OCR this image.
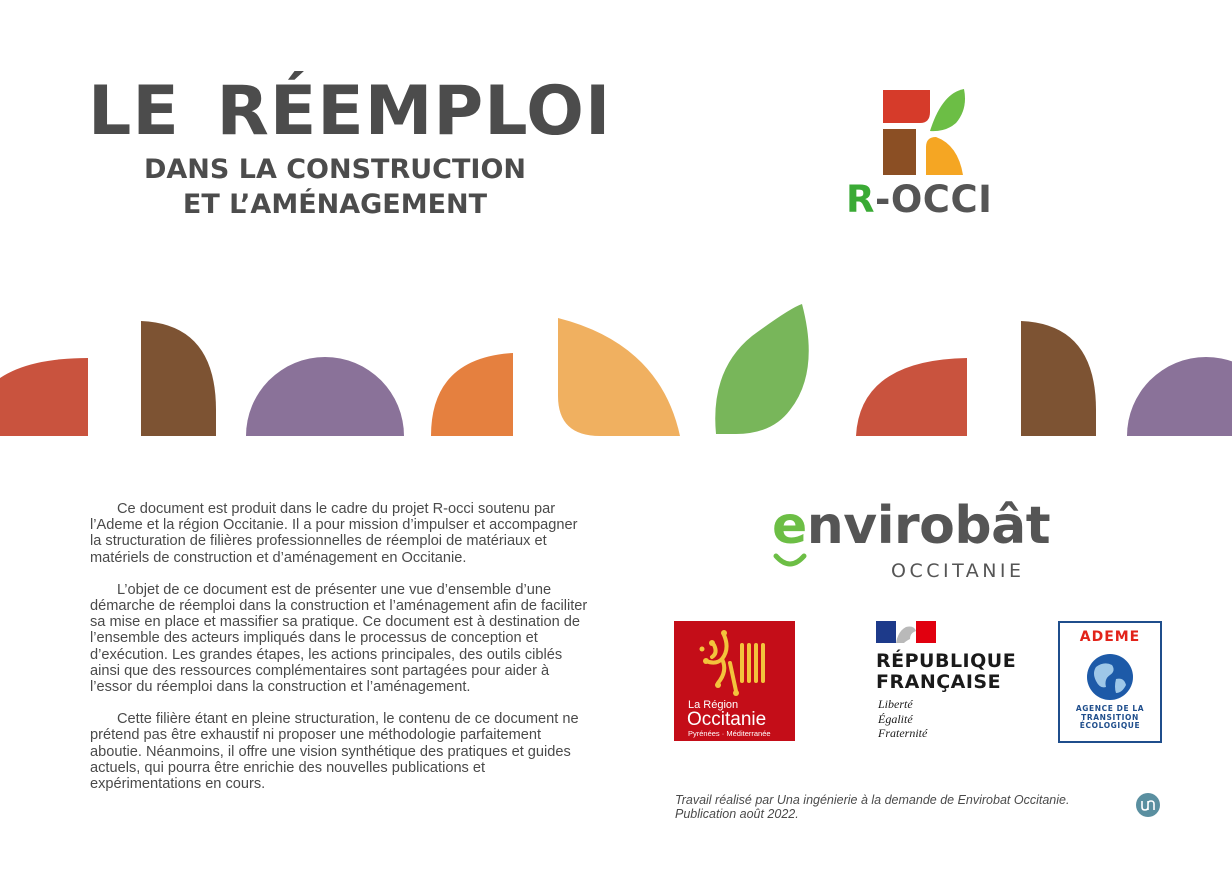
LE RÉEMPLOI
DANS LA CONSTRUCTION
ET L’AMÉNAGEMENT	R-OCCI

Ce document est produit dans le cadre du projet R-occi soutenu par l’Ademe et la région Occitanie. Il a pour mission d’impulser et accompagner la structuration de filières professionnelles de réemploi de matériaux et matériels de construction et d’aménagement en Occitanie.

L’objet de ce document est de présenter une vue d’ensemble d’une démarche de réemploi dans la construction et l’aménagement afin de faciliter sa mise en place et massifier sa pratique. Ce document est à destination de l’ensemble des acteurs impliqués dans le processus de conception et d’exécution. Les grandes étapes, les actions principales, des outils ciblés ainsi que des ressources complémentaires sont partagées pour aider à l’essor du réemploi dans la construction et l’aménagement.

Cette filière étant en pleine structuration, le contenu de ce document ne prétend pas être exhaustif ni proposer une méthodologie parfaitement aboutie. Néanmoins, il offre une vision synthétique des pratiques et guides actuels, qui pourra être enrichie des nouvelles publications et expérimentations en cours.

envirobât

OCCITANIE

La Région

Occitanie

Pyrénées · Méditerranée

RÉPUBLIQUE
FRANÇAISE

Liberté
Égalité
Fraternité

ADEME

AGENCE DE LA
TRANSITION
ÉCOLOGIQUE

Travail réalisé par Una ingénierie à la demande de Envirobat Occitanie.
Publication août 2022.
